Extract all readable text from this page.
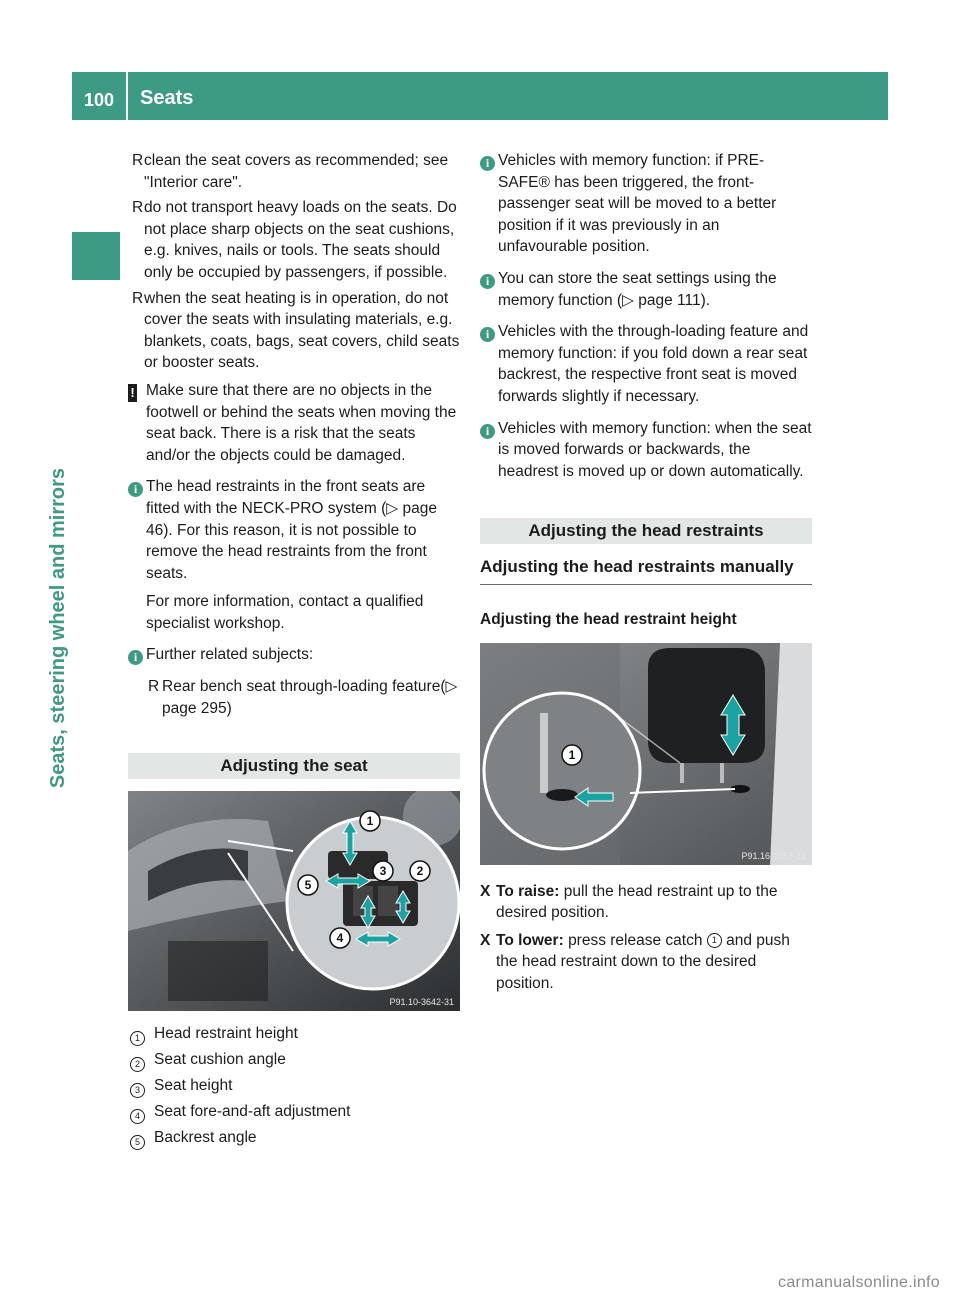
100 Seats
Seats, steering wheel and mirrors
R clean the seat covers as recommended; see "Interior care".
R do not transport heavy loads on the seats. Do not place sharp objects on the seat cushions, e.g. knives, nails or tools. The seats should only be occupied by passengers, if possible.
R when the seat heating is in operation, do not cover the seats with insulating materials, e.g. blankets, coats, bags, seat covers, child seats or booster seats.
! Make sure that there are no objects in the footwell or behind the seats when moving the seat back. There is a risk that the seats and/or the objects could be damaged.
i The head restraints in the front seats are fitted with the NECK-PRO system (▷ page 46). For this reason, it is not possible to remove the head restraints from the front seats.
For more information, contact a qualified specialist workshop.
i Further related subjects:
R Rear bench seat through-loading feature(▷ page 295)
Adjusting the seat
1
2
3
4
5
P91.10-3642-31
1 Head restraint height
2 Seat cushion angle
3 Seat height
4 Seat fore-and-aft adjustment
5 Backrest angle
i Vehicles with memory function: if PRE-SAFE® has been triggered, the front-passenger seat will be moved to a better position if it was previously in an unfavourable position.
i You can store the seat settings using the memory function (▷ page 111).
i Vehicles with the through-loading feature and memory function: if you fold down a rear seat backrest, the respective front seat is moved forwards slightly if necessary.
i Vehicles with memory function: when the seat is moved forwards or backwards, the headrest is moved up or down automatically.
Adjusting the head restraints
Adjusting the head restraints manually
Adjusting the head restraint height
1
P91.16-2857-31
X To raise: pull the head restraint up to the desired position.
X To lower: press release catch 1 and push the head restraint down to the desired position.
carmanualsonline.info
